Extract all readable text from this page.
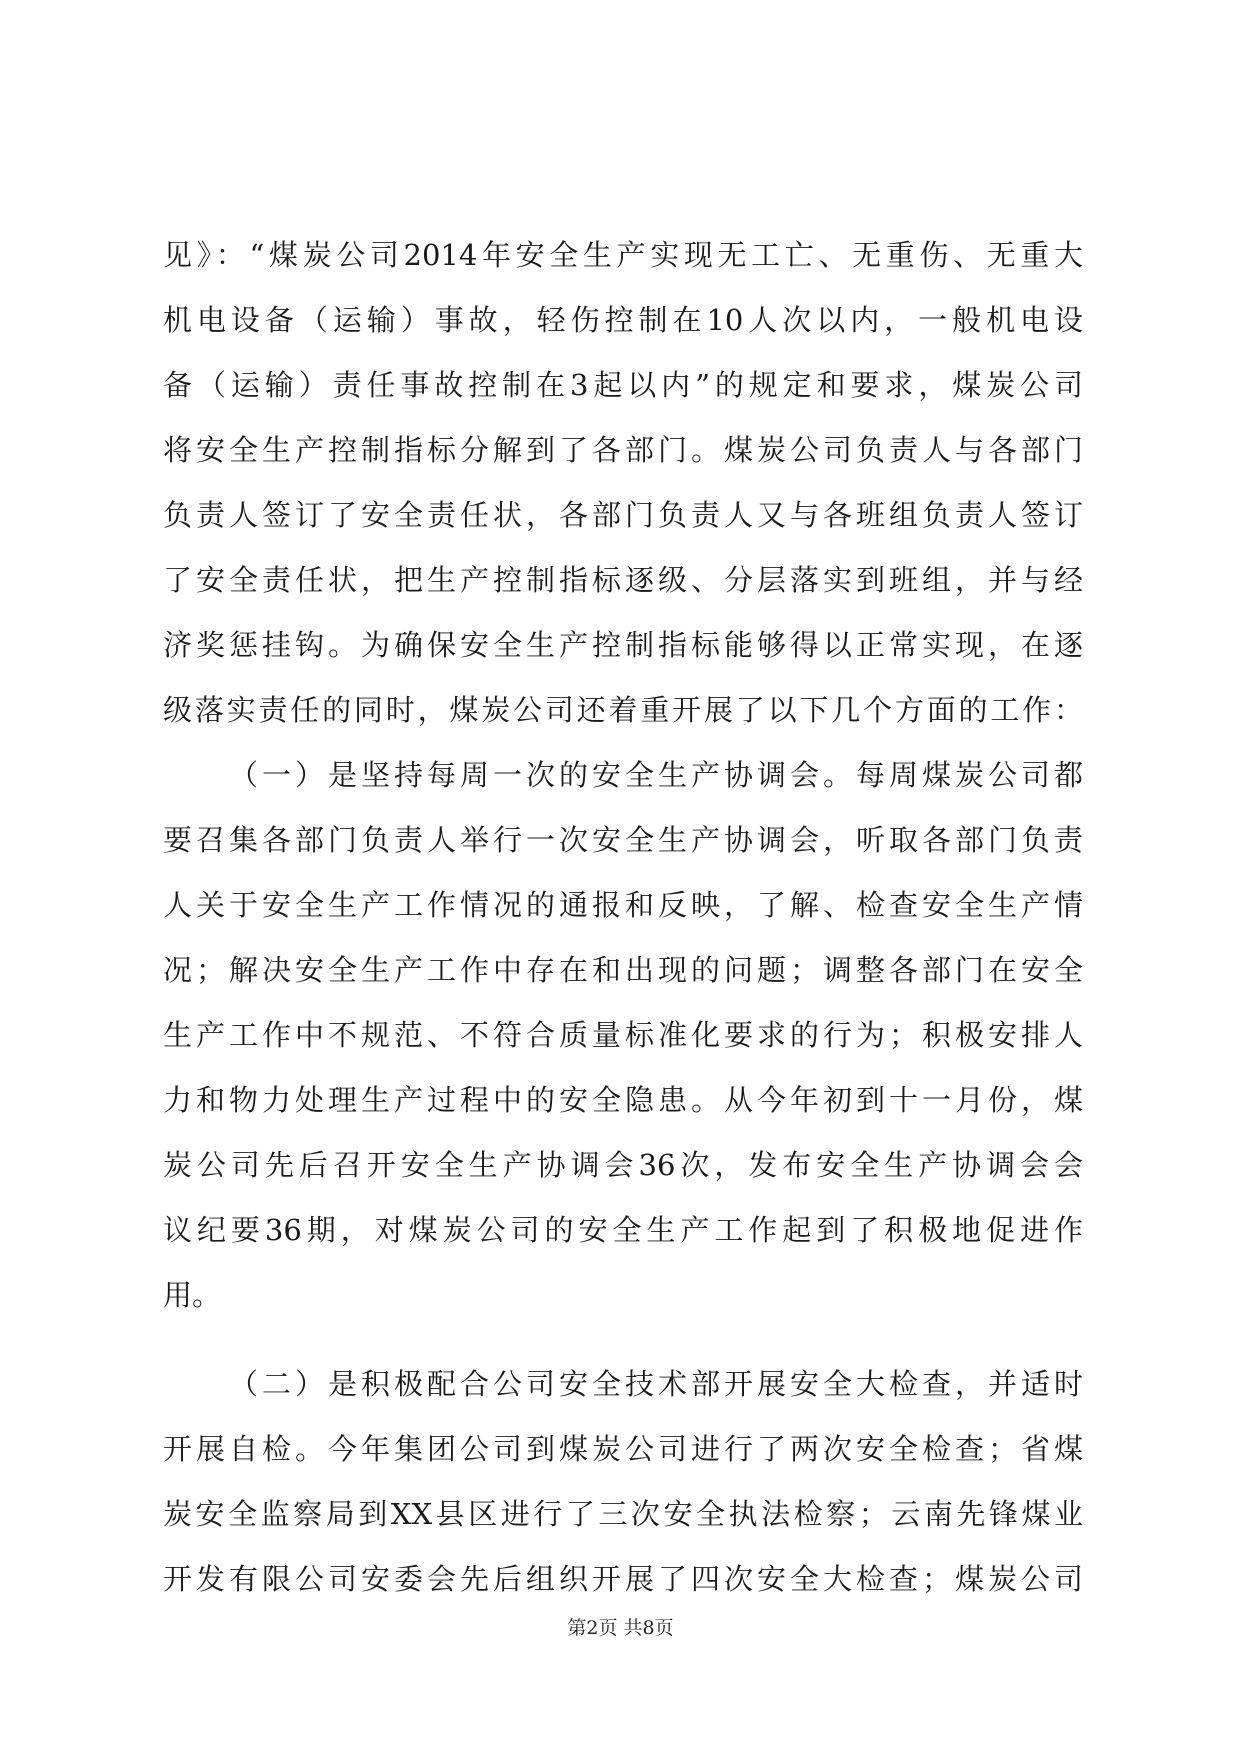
见》：“煤炭公司2014年安全生产实现无工亡、无重伤、无重大
机电设备（运输）事故，轻伤控制在10人次以内，一般机电设
备（运输）责任事故控制在3起以内”的规定和要求，煤炭公司
将安全生产控制指标分解到了各部门。煤炭公司负责人与各部门
负责人签订了安全责任状，各部门负责人又与各班组负责人签订
了安全责任状，把生产控制指标逐级、分层落实到班组，并与经
济奖惩挂钩。为确保安全生产控制指标能够得以正常实现，在逐
级落实责任的同时，煤炭公司还着重开展了以下几个方面的工作：
（一）是坚持每周一次的安全生产协调会。每周煤炭公司都
要召集各部门负责人举行一次安全生产协调会，听取各部门负责
人关于安全生产工作情况的通报和反映，了解、检查安全生产情
况；解决安全生产工作中存在和出现的问题；调整各部门在安全
生产工作中不规范、不符合质量标准化要求的行为；积极安排人
力和物力处理生产过程中的安全隐患。从今年初到十一月份，煤
炭公司先后召开安全生产协调会36次，发布安全生产协调会会
议纪要36期，对煤炭公司的安全生产工作起到了积极地促进作
用。
（二）是积极配合公司安全技术部开展安全大检查，并适时
开展自检。今年集团公司到煤炭公司进行了两次安全检查；省煤
炭安全监察局到XX县区进行了三次安全执法检察；云南先锋煤业
开发有限公司安委会先后组织开展了四次安全大检查；煤炭公司
第2页 共8页
